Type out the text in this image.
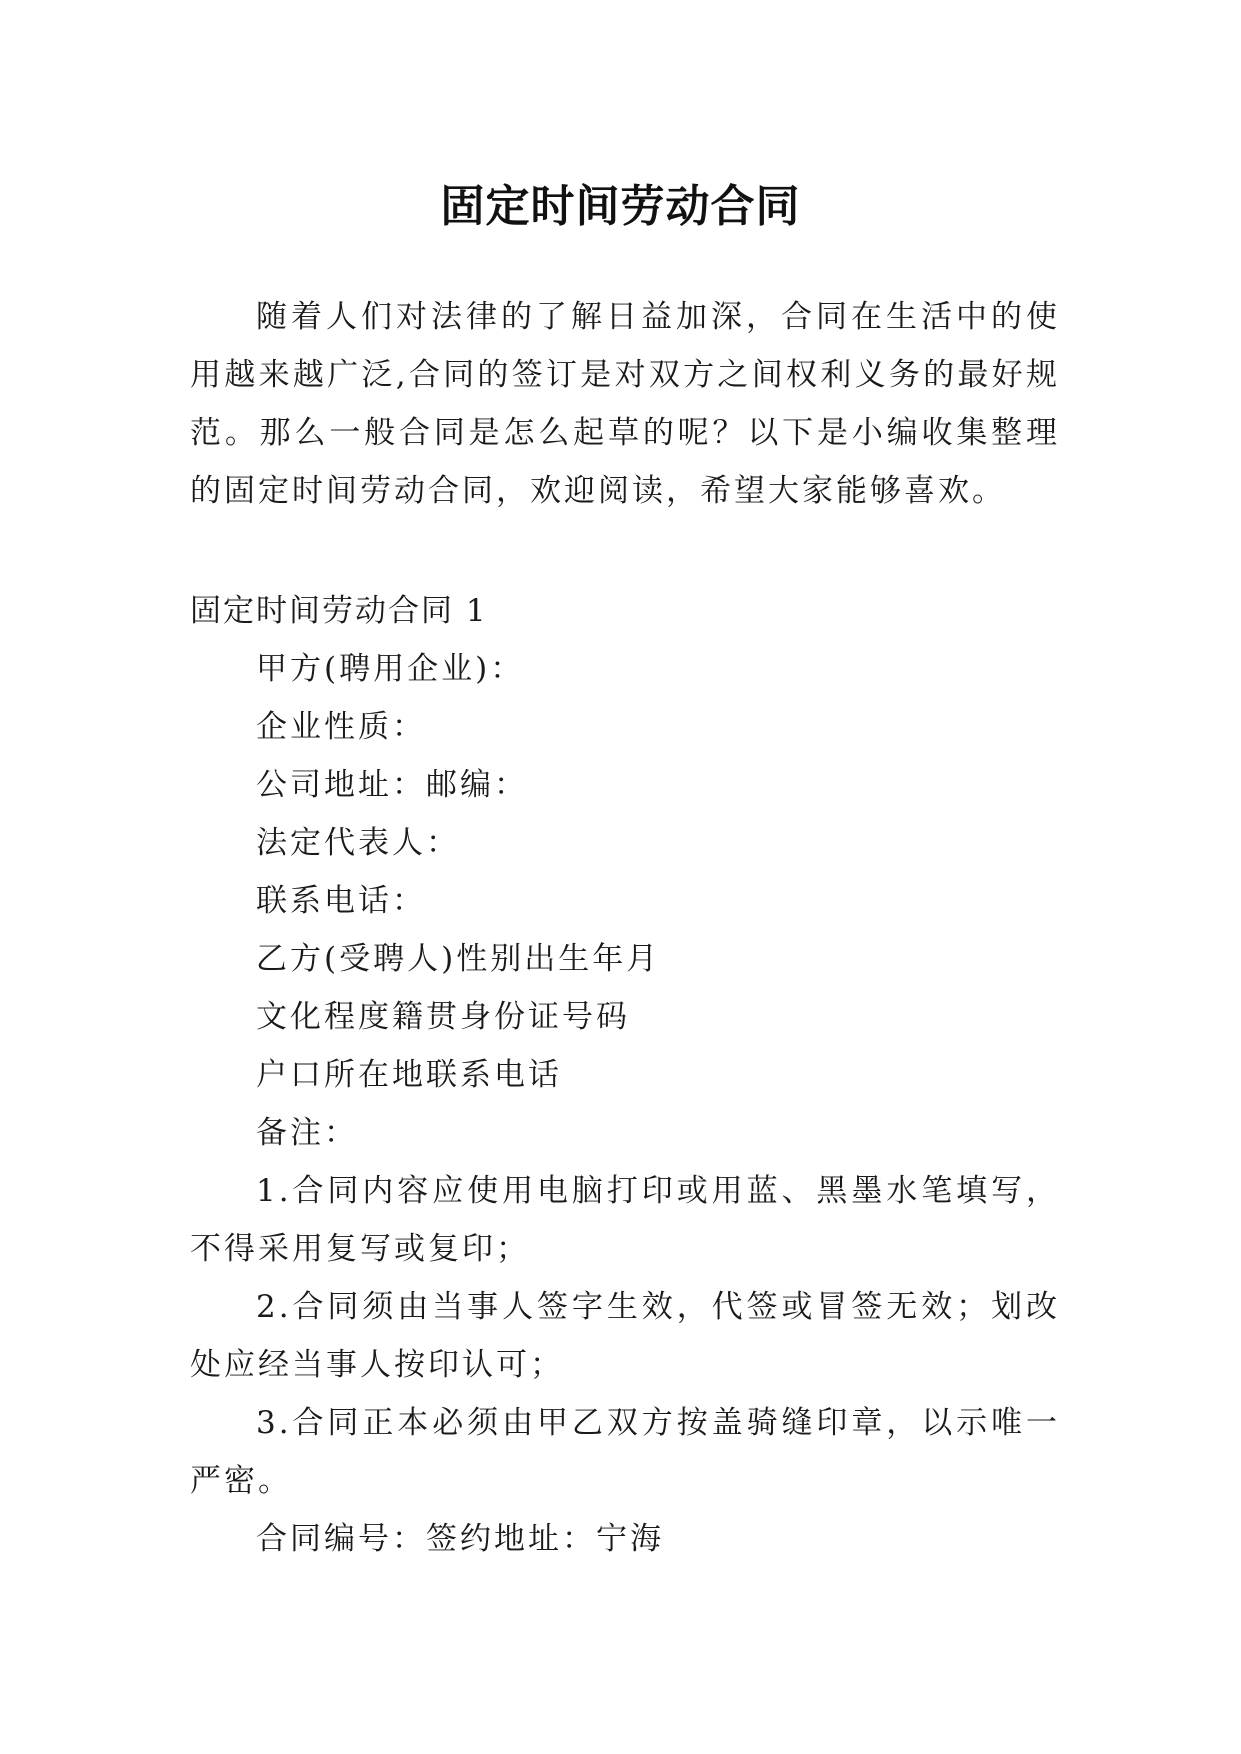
固定时间劳动合同

随着人们对法律的了解日益加深，合同在生活中的使用越来越广泛,合同的签订是对双方之间权利义务的最好规范。那么一般合同是怎么起草的呢？以下是小编收集整理的固定时间劳动合同，欢迎阅读，希望大家能够喜欢。

固定时间劳动合同 1

甲方(聘用企业)：
企业性质：
公司地址：邮编：
法定代表人：
联系电话：
乙方(受聘人)性别出生年月
文化程度籍贯身份证号码
户口所在地联系电话
备注：

1.合同内容应使用电脑打印或用蓝、黑墨水笔填写，不得采用复写或复印；

2.合同须由当事人签字生效，代签或冒签无效；划改处应经当事人按印认可；

3.合同正本必须由甲乙双方按盖骑缝印章，以示唯一严密。

合同编号：签约地址：宁海
